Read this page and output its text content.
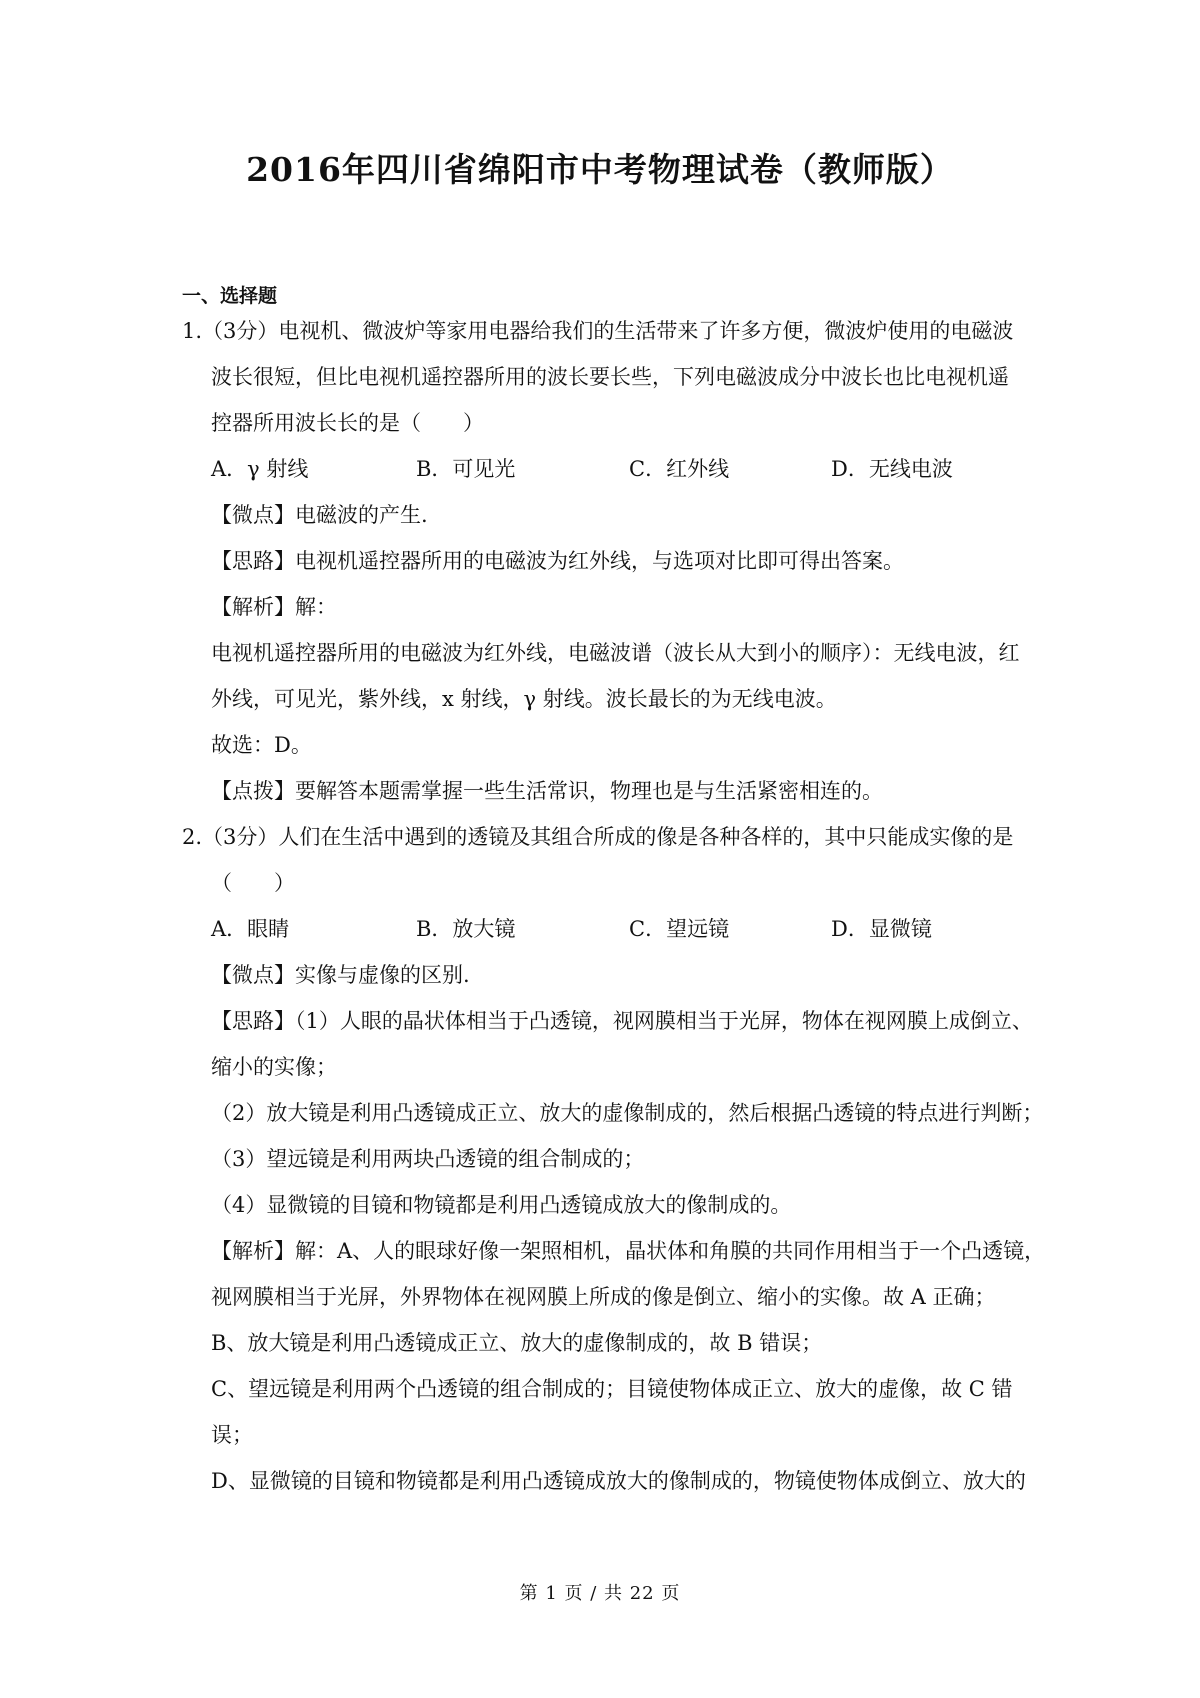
2016年四川省绵阳市中考物理试卷（教师版）
一、选择题
1.（3分）电视机、微波炉等家用电器给我们的生活带来了许多方便，微波炉使用的电磁波
波长很短，但比电视机遥控器所用的波长要长些，下列电磁波成分中波长也比电视机遥
控器所用波长长的是（　　）
A．γ 射线	B．可见光	C．红外线	D．无线电波
【微点】电磁波的产生.
【思路】电视机遥控器所用的电磁波为红外线，与选项对比即可得出答案。
【解析】解：
电视机遥控器所用的电磁波为红外线，电磁波谱（波长从大到小的顺序）：无线电波，红
外线，可见光，紫外线，x 射线，γ 射线。波长最长的为无线电波。
故选：D。
【点拨】要解答本题需掌握一些生活常识，物理也是与生活紧密相连的。
2.（3分）人们在生活中遇到的透镜及其组合所成的像是各种各样的，其中只能成实像的是
（　　）
A．眼睛	B．放大镜	C．望远镜	D．显微镜
【微点】实像与虚像的区别.
【思路】（1）人眼的晶状体相当于凸透镜，视网膜相当于光屏，物体在视网膜上成倒立、
缩小的实像；
（2）放大镜是利用凸透镜成正立、放大的虚像制成的，然后根据凸透镜的特点进行判断；
（3）望远镜是利用两块凸透镜的组合制成的；
（4）显微镜的目镜和物镜都是利用凸透镜成放大的像制成的。
【解析】解：A、人的眼球好像一架照相机，晶状体和角膜的共同作用相当于一个凸透镜，
视网膜相当于光屏，外界物体在视网膜上所成的像是倒立、缩小的实像。故 A 正确；
B、放大镜是利用凸透镜成正立、放大的虚像制成的，故 B 错误；
C、望远镜是利用两个凸透镜的组合制成的；目镜使物体成正立、放大的虚像，故 C 错
误；
D、显微镜的目镜和物镜都是利用凸透镜成放大的像制成的，物镜使物体成倒立、放大的
第 1 页 / 共 22 页
